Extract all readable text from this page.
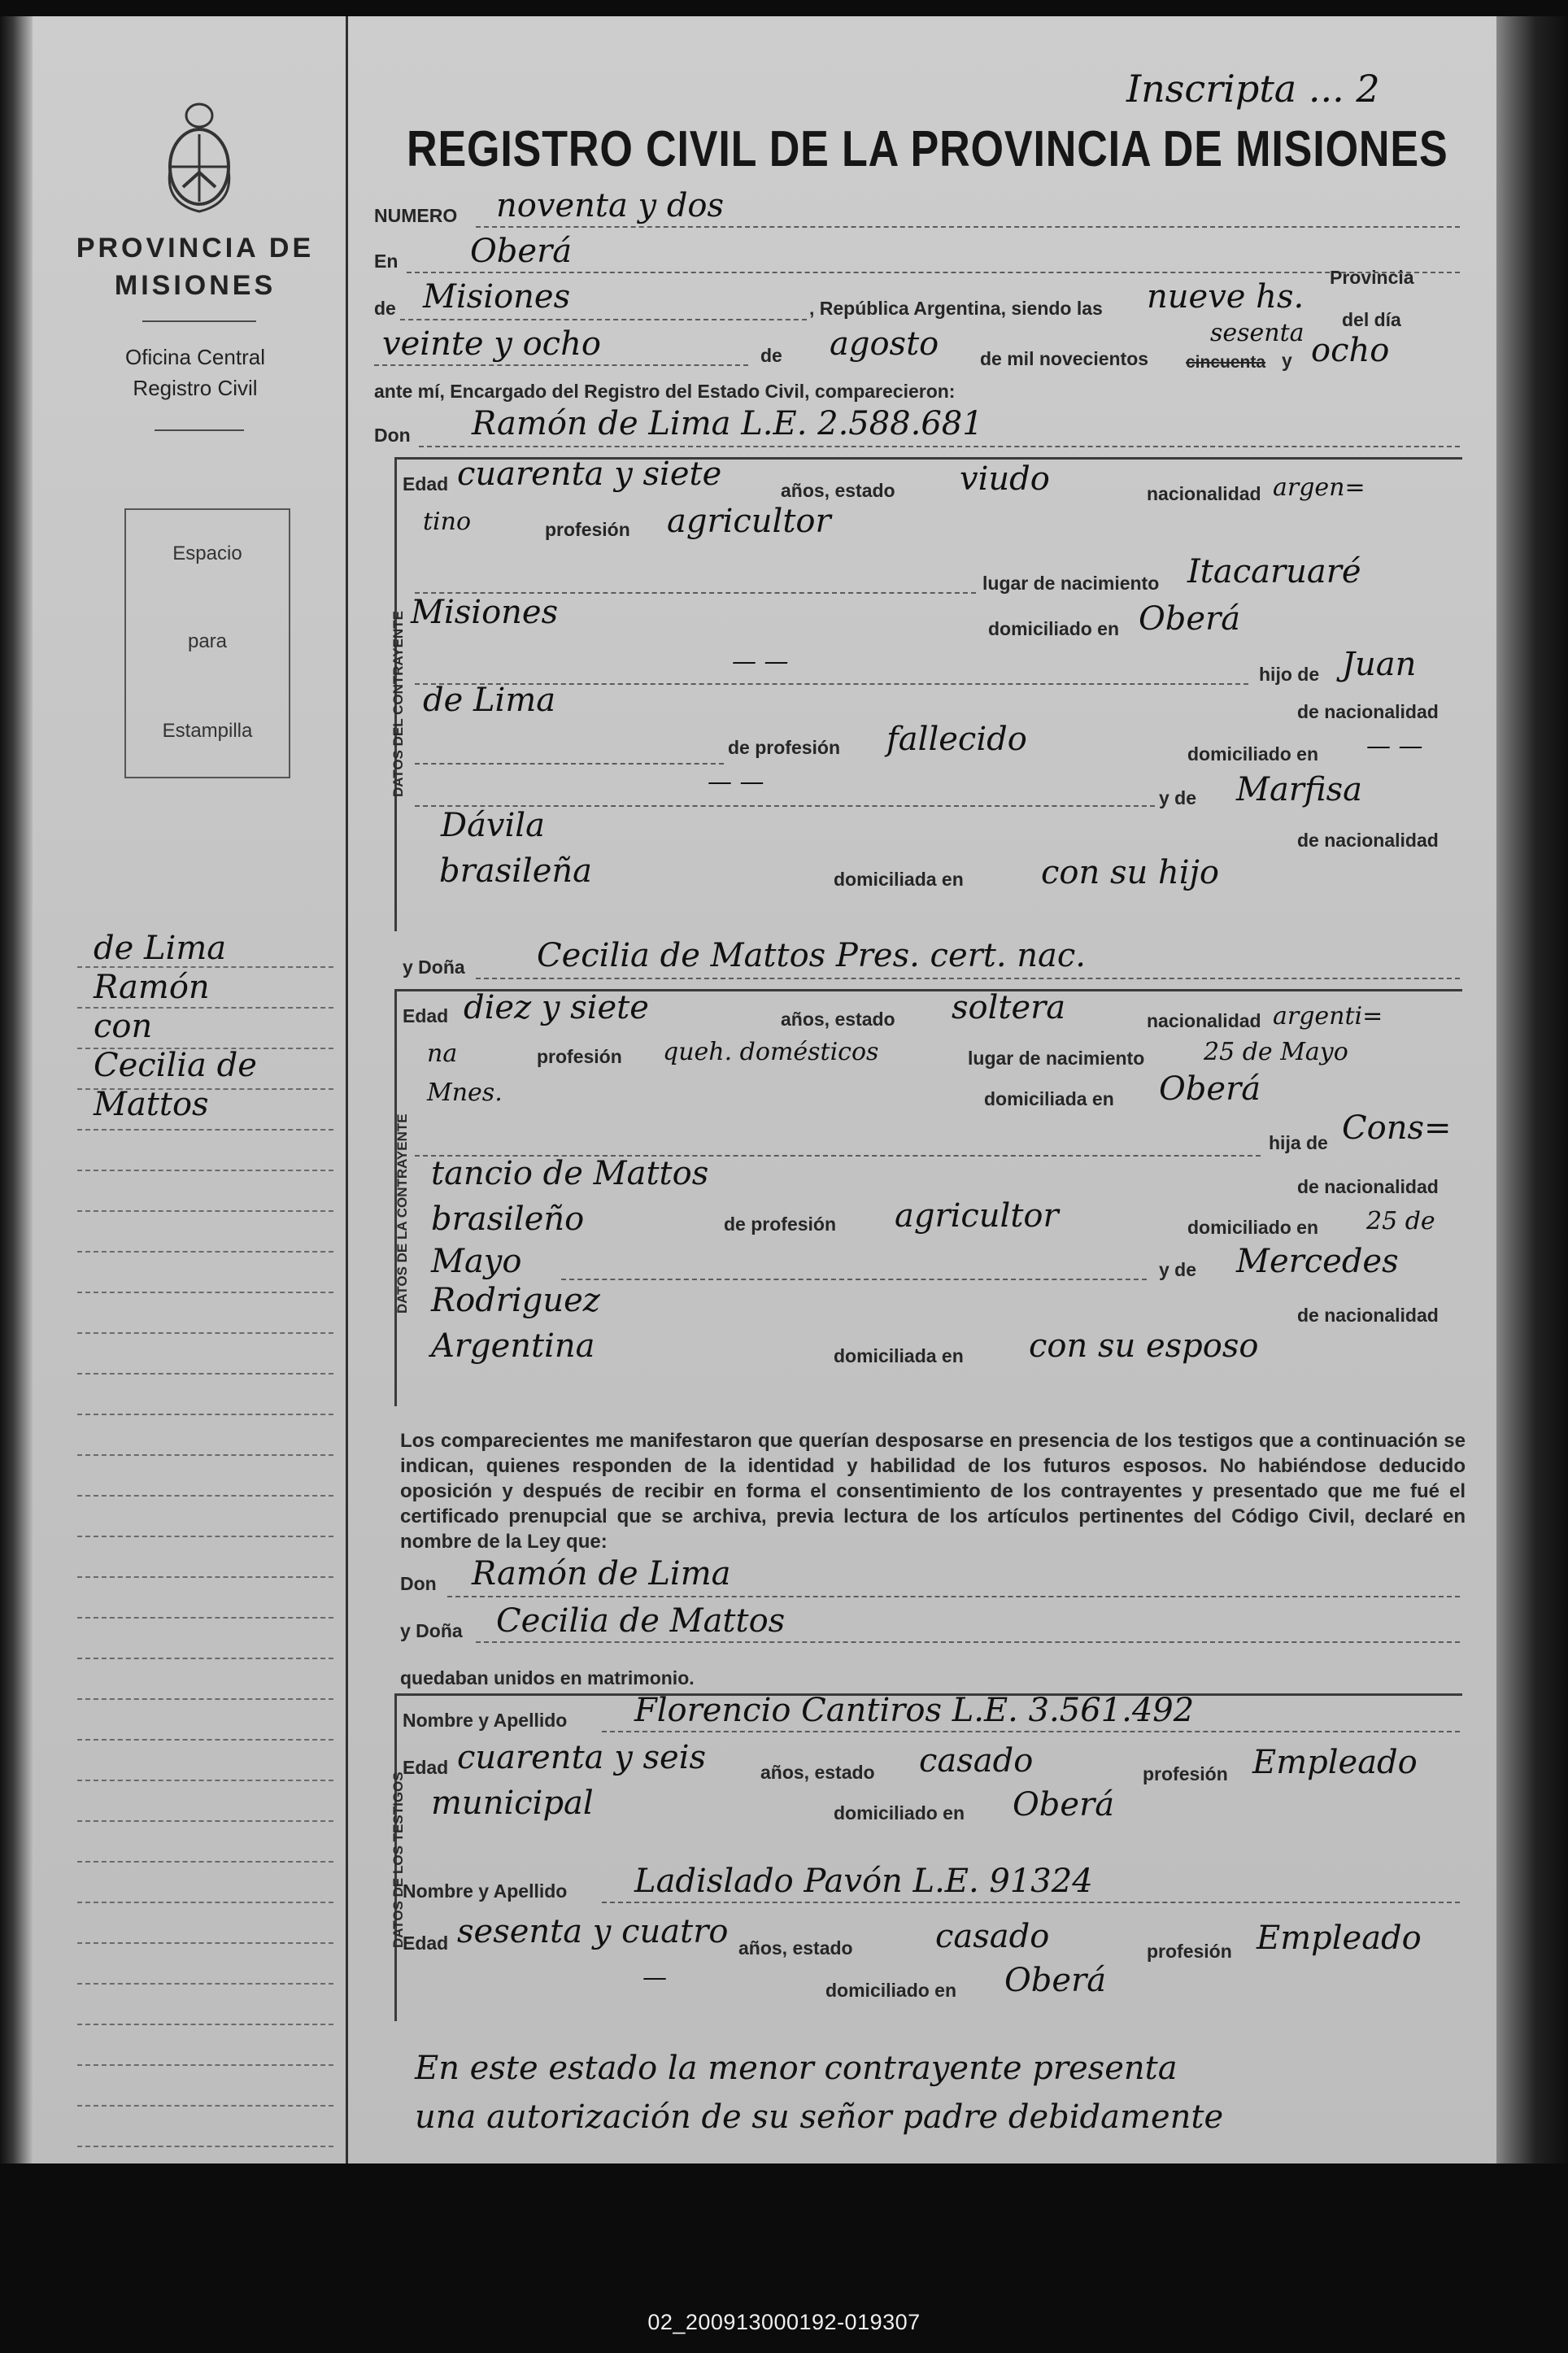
PROVINCIA DE
MISIONES
Oficina Central
Registro Civil
Espacio
para
Estampilla
de Lima
Ramón
con
Cecilia de
Mattos
REGISTRO CIVIL DE LA PROVINCIA DE MISIONES
Inscripta ... 2
NUMERO noventa y dos
En Oberá
Provincia
de Misiones	, República Argentina, siendo las nueve hs.
del día
veinte y ocho	de agosto de mil novecientos cincuenta
sesenta
y ocho
ante mí, Encargado del Registro del Estado Civil, comparecieron:
Don Ramón de Lima L.E. 2.588.681
DATOS DEL CONTRAYENTE
Edad cuarenta y siete	años, estado viudo	nacionalidad argen=
tino	profesión agricultor
lugar de nacimiento Itacaruaré
Misiones	domiciliado en Oberá
— —	hijo de Juan
de Lima	de nacionalidad
de profesión fallecido	domiciliado en — —
— —
y de Marfisa
Dávila	de nacionalidad
brasileña	domiciliada en con su hijo
y Doña Cecilia de Mattos Pres. cert. nac.
DATOS DE LA CONTRAYENTE
Edad diez y siete	años, estado soltera	nacionalidad argenti=
na	profesión queh. domésticos	lugar de nacimiento 25 de Mayo
Mnes.	domiciliada en Oberá
hija de Cons=
tancio de Mattos	de nacionalidad
brasileño	de profesión agricultor	domiciliado en 25 de
Mayo	y de Mercedes
Rodriguez	de nacionalidad
Argentina	domiciliada en con su esposo
Los comparecientes me manifestaron que querían desposarse en presencia de los testigos que a continuación se indican, quienes responden de la identidad y habilidad de los futuros esposos. No habiéndose deducido oposición y después de recibir en forma el consentimiento de los contrayentes y presentado que me fué el certificado prenupcial que se archiva, previa lectura de los artículos pertinentes del Código Civil, declaré en nombre de la Ley que:
Don Ramón de Lima
y Doña Cecilia de Mattos
quedaban unidos en matrimonio.
DATOS DE LOS TESTIGOS
Nombre y Apellido Florencio Cantiros L.E. 3.561.492
Edad cuarenta y seis	años, estado casado	profesión Empleado
municipal	domiciliado en Oberá
Nombre y Apellido Ladislado Pavón L.E. 91324
Edad sesenta y cuatro años, estado	casado	profesión Empleado
—	domiciliado en Oberá
En este estado la menor contrayente presenta
una autorización de su señor padre debidamente
02_200913000192-019307
